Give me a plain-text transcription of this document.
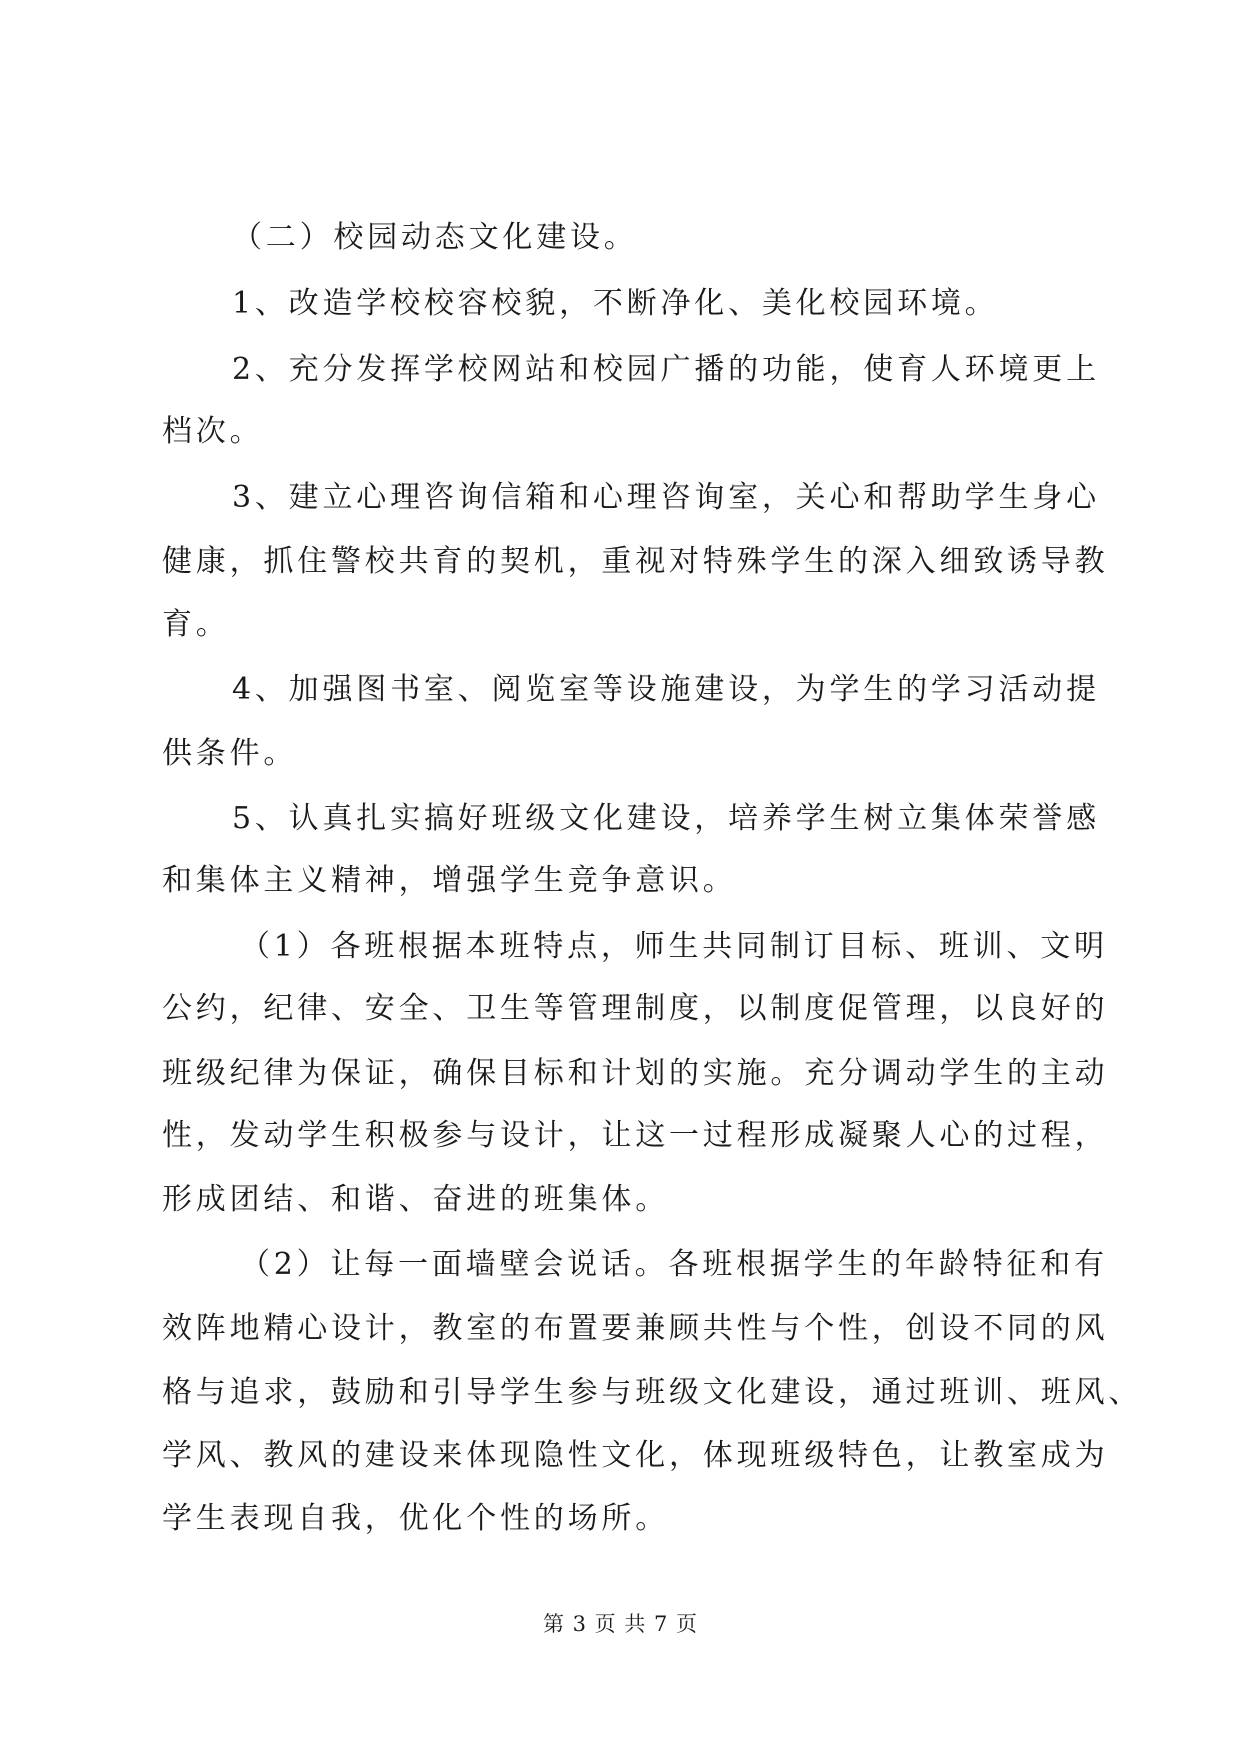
（二）校园动态文化建设。
1、改造学校校容校貌，不断净化、美化校园环境。
2、充分发挥学校网站和校园广播的功能，使育人环境更上
档次。
3、建立心理咨询信箱和心理咨询室，关心和帮助学生身心
健康，抓住警校共育的契机，重视对特殊学生的深入细致诱导教
育。
4、加强图书室、阅览室等设施建设，为学生的学习活动提
供条件。
5、认真扎实搞好班级文化建设，培养学生树立集体荣誉感
和集体主义精神，增强学生竞争意识。
（1）各班根据本班特点，师生共同制订目标、班训、文明
公约，纪律、安全、卫生等管理制度，以制度促管理，以良好的
班级纪律为保证，确保目标和计划的实施。充分调动学生的主动
性，发动学生积极参与设计，让这一过程形成凝聚人心的过程，
形成团结、和谐、奋进的班集体。
（2）让每一面墙壁会说话。各班根据学生的年龄特征和有
效阵地精心设计，教室的布置要兼顾共性与个性，创设不同的风
格与追求，鼓励和引导学生参与班级文化建设，通过班训、班风、
学风、教风的建设来体现隐性文化，体现班级特色，让教室成为
学生表现自我，优化个性的场所。
第 3 页 共 7 页
